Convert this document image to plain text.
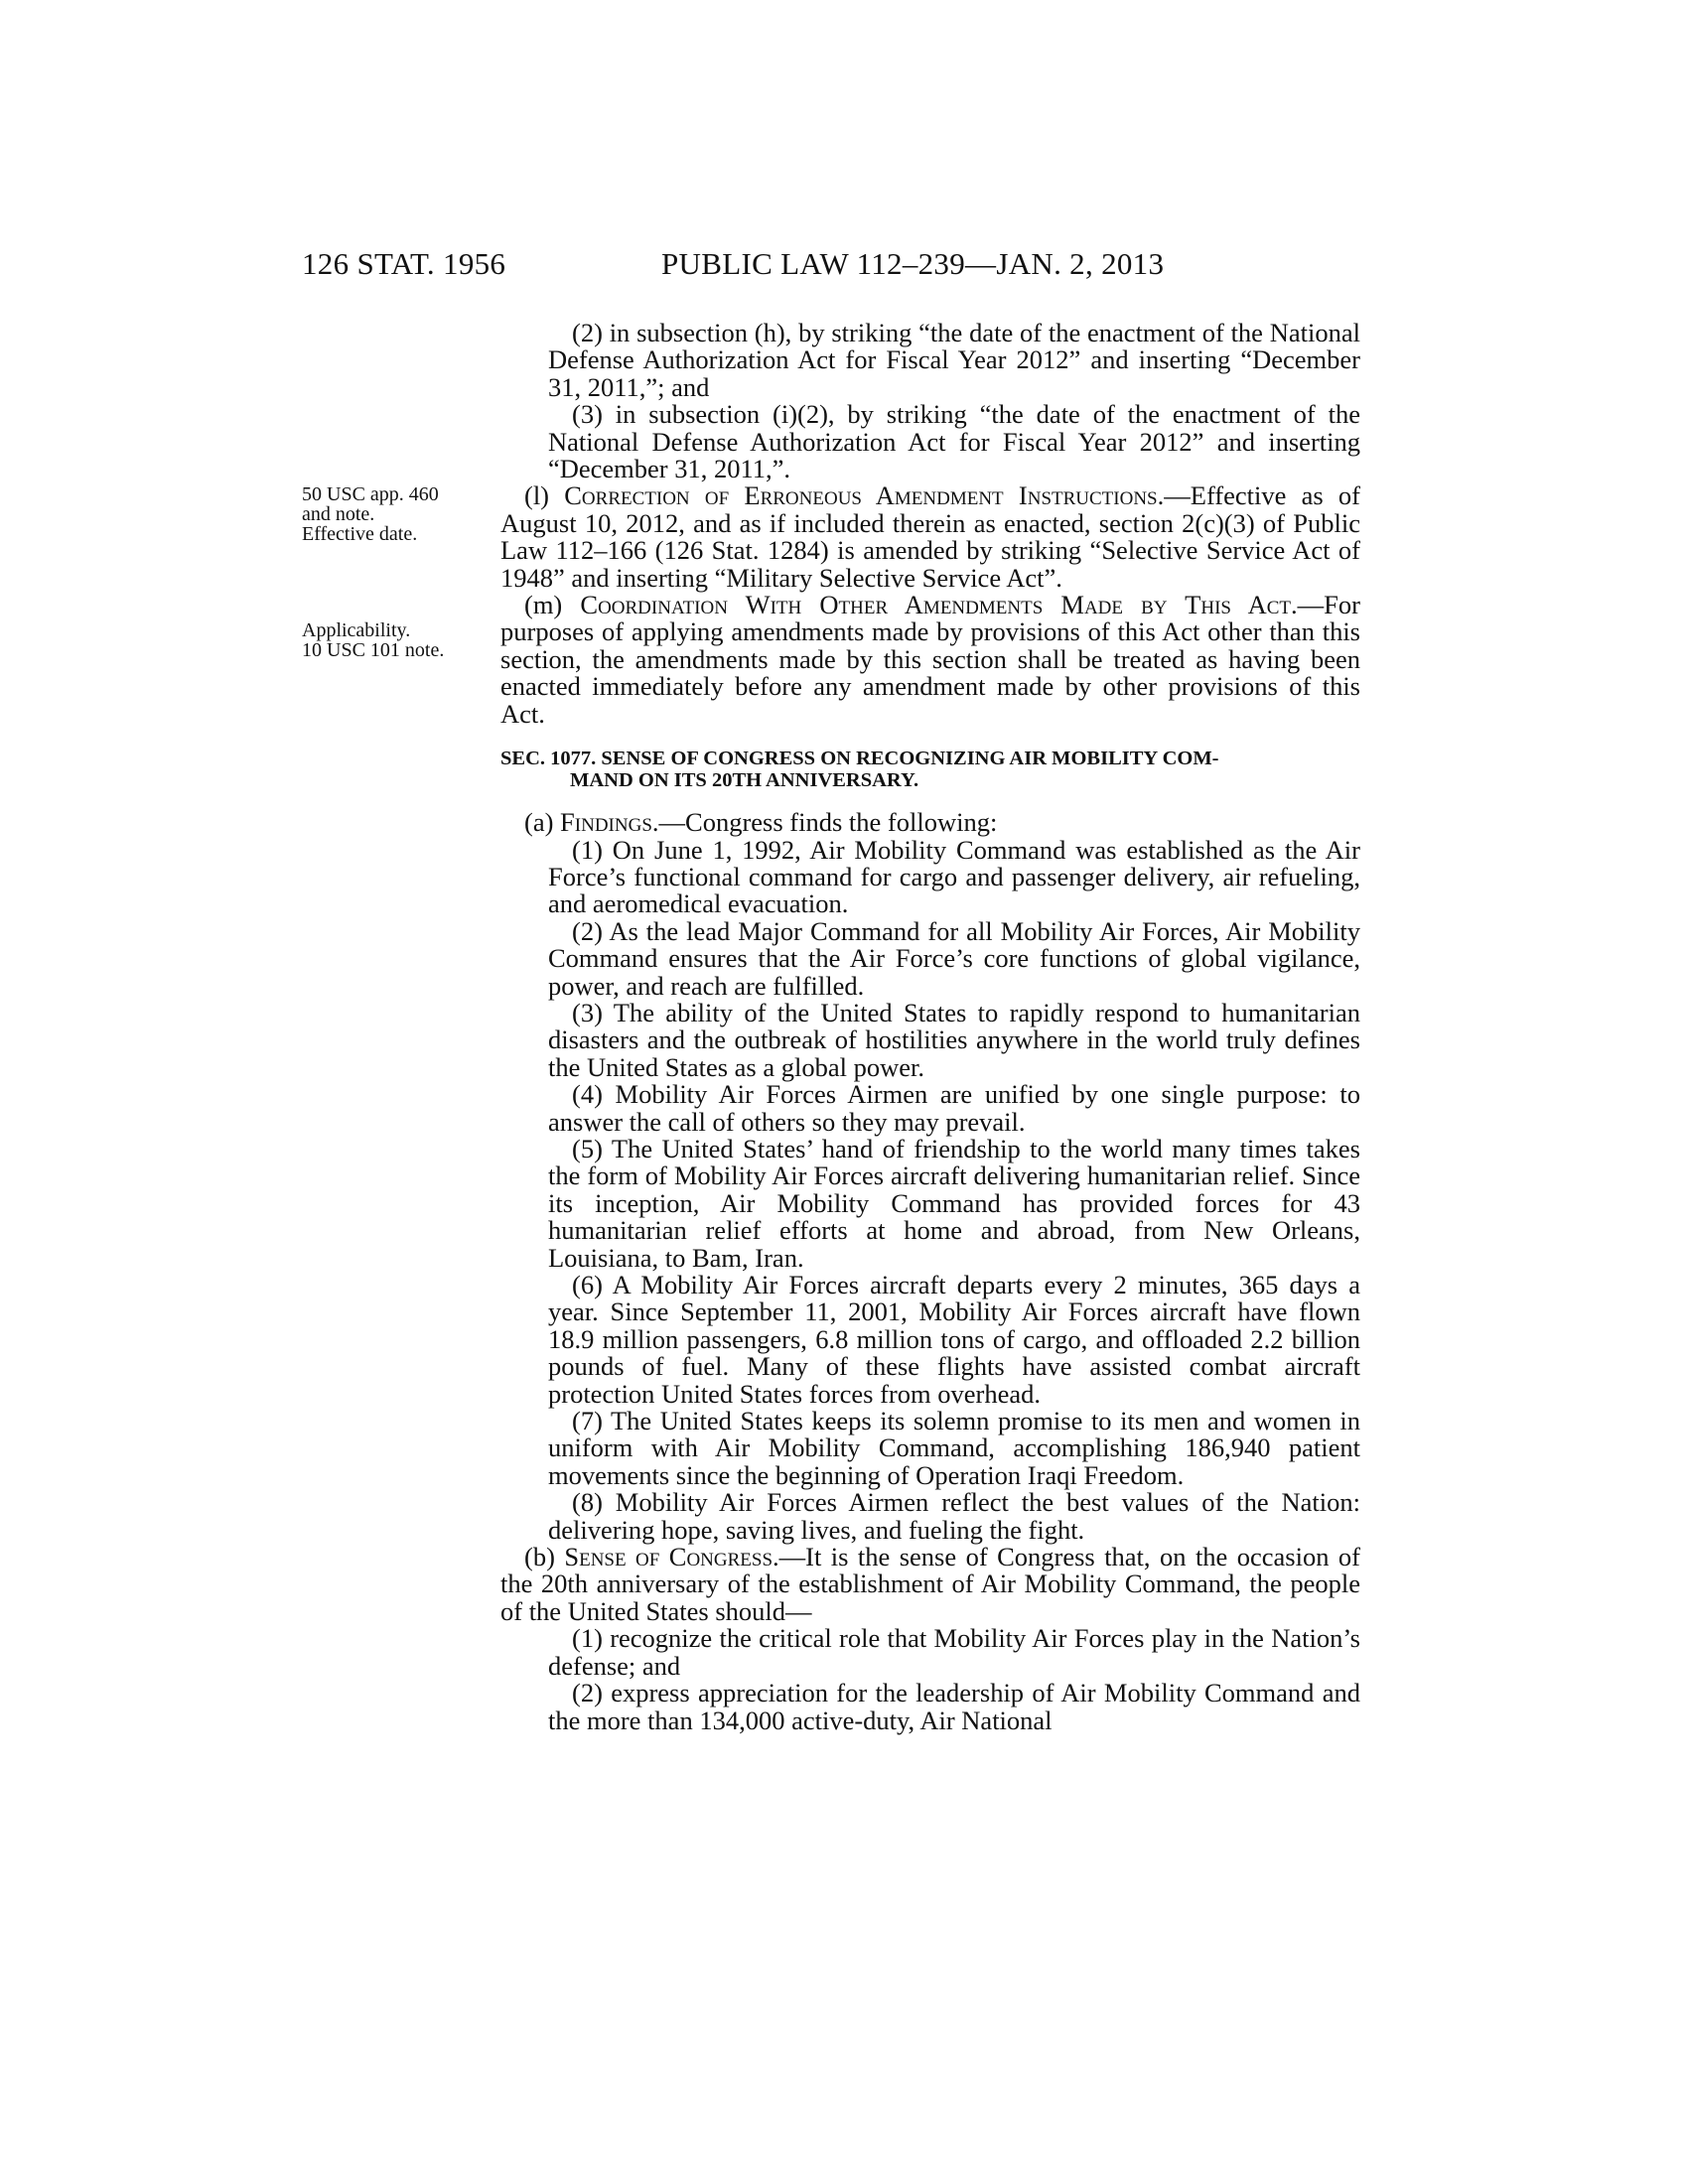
126 STAT. 1956	PUBLIC LAW 112–239—JAN. 2, 2013
50 USC app. 460
and note.
Effective date.
Applicability.
10 USC 101 note.

(2) in subsection (h), by striking “the date of the enactment of the National Defense Authorization Act for Fiscal Year 2012” and inserting “December 31, 2011,”; and

(3) in subsection (i)(2), by striking “the date of the enactment of the National Defense Authorization Act for Fiscal Year 2012” and inserting “December 31, 2011,”.

(l) Correction of Erroneous Amendment Instructions.—Effective as of August 10, 2012, and as if included therein as enacted, section 2(c)(3) of Public Law 112–166 (126 Stat. 1284) is amended by striking “Selective Service Act of 1948” and inserting “Military Selective Service Act”.

(m) Coordination With Other Amendments Made by This Act.—For purposes of applying amendments made by provisions of this Act other than this section, the amendments made by this section shall be treated as having been enacted immediately before any amendment made by other provisions of this Act.

SEC. 1077. SENSE OF CONGRESS ON RECOGNIZING AIR MOBILITY COM-
MAND ON ITS 20TH ANNIVERSARY.

(a) Findings.—Congress finds the following:

(1) On June 1, 1992, Air Mobility Command was established as the Air Force’s functional command for cargo and passenger delivery, air refueling, and aeromedical evacuation.

(2) As the lead Major Command for all Mobility Air Forces, Air Mobility Command ensures that the Air Force’s core functions of global vigilance, power, and reach are fulfilled.

(3) The ability of the United States to rapidly respond to humanitarian disasters and the outbreak of hostilities anywhere in the world truly defines the United States as a global power.

(4) Mobility Air Forces Airmen are unified by one single purpose: to answer the call of others so they may prevail.

(5) The United States’ hand of friendship to the world many times takes the form of Mobility Air Forces aircraft delivering humanitarian relief. Since its inception, Air Mobility Command has provided forces for 43 humanitarian relief efforts at home and abroad, from New Orleans, Louisiana, to Bam, Iran.

(6) A Mobility Air Forces aircraft departs every 2 minutes, 365 days a year. Since September 11, 2001, Mobility Air Forces aircraft have flown 18.9 million passengers, 6.8 million tons of cargo, and offloaded 2.2 billion pounds of fuel. Many of these flights have assisted combat aircraft protection United States forces from overhead.

(7) The United States keeps its solemn promise to its men and women in uniform with Air Mobility Command, accomplishing 186,940 patient movements since the beginning of Operation Iraqi Freedom.

(8) Mobility Air Forces Airmen reflect the best values of the Nation: delivering hope, saving lives, and fueling the fight.

(b) Sense of Congress.—It is the sense of Congress that, on the occasion of the 20th anniversary of the establishment of Air Mobility Command, the people of the United States should—

(1) recognize the critical role that Mobility Air Forces play in the Nation’s defense; and

(2) express appreciation for the leadership of Air Mobility Command and the more than 134,000 active-duty, Air National
